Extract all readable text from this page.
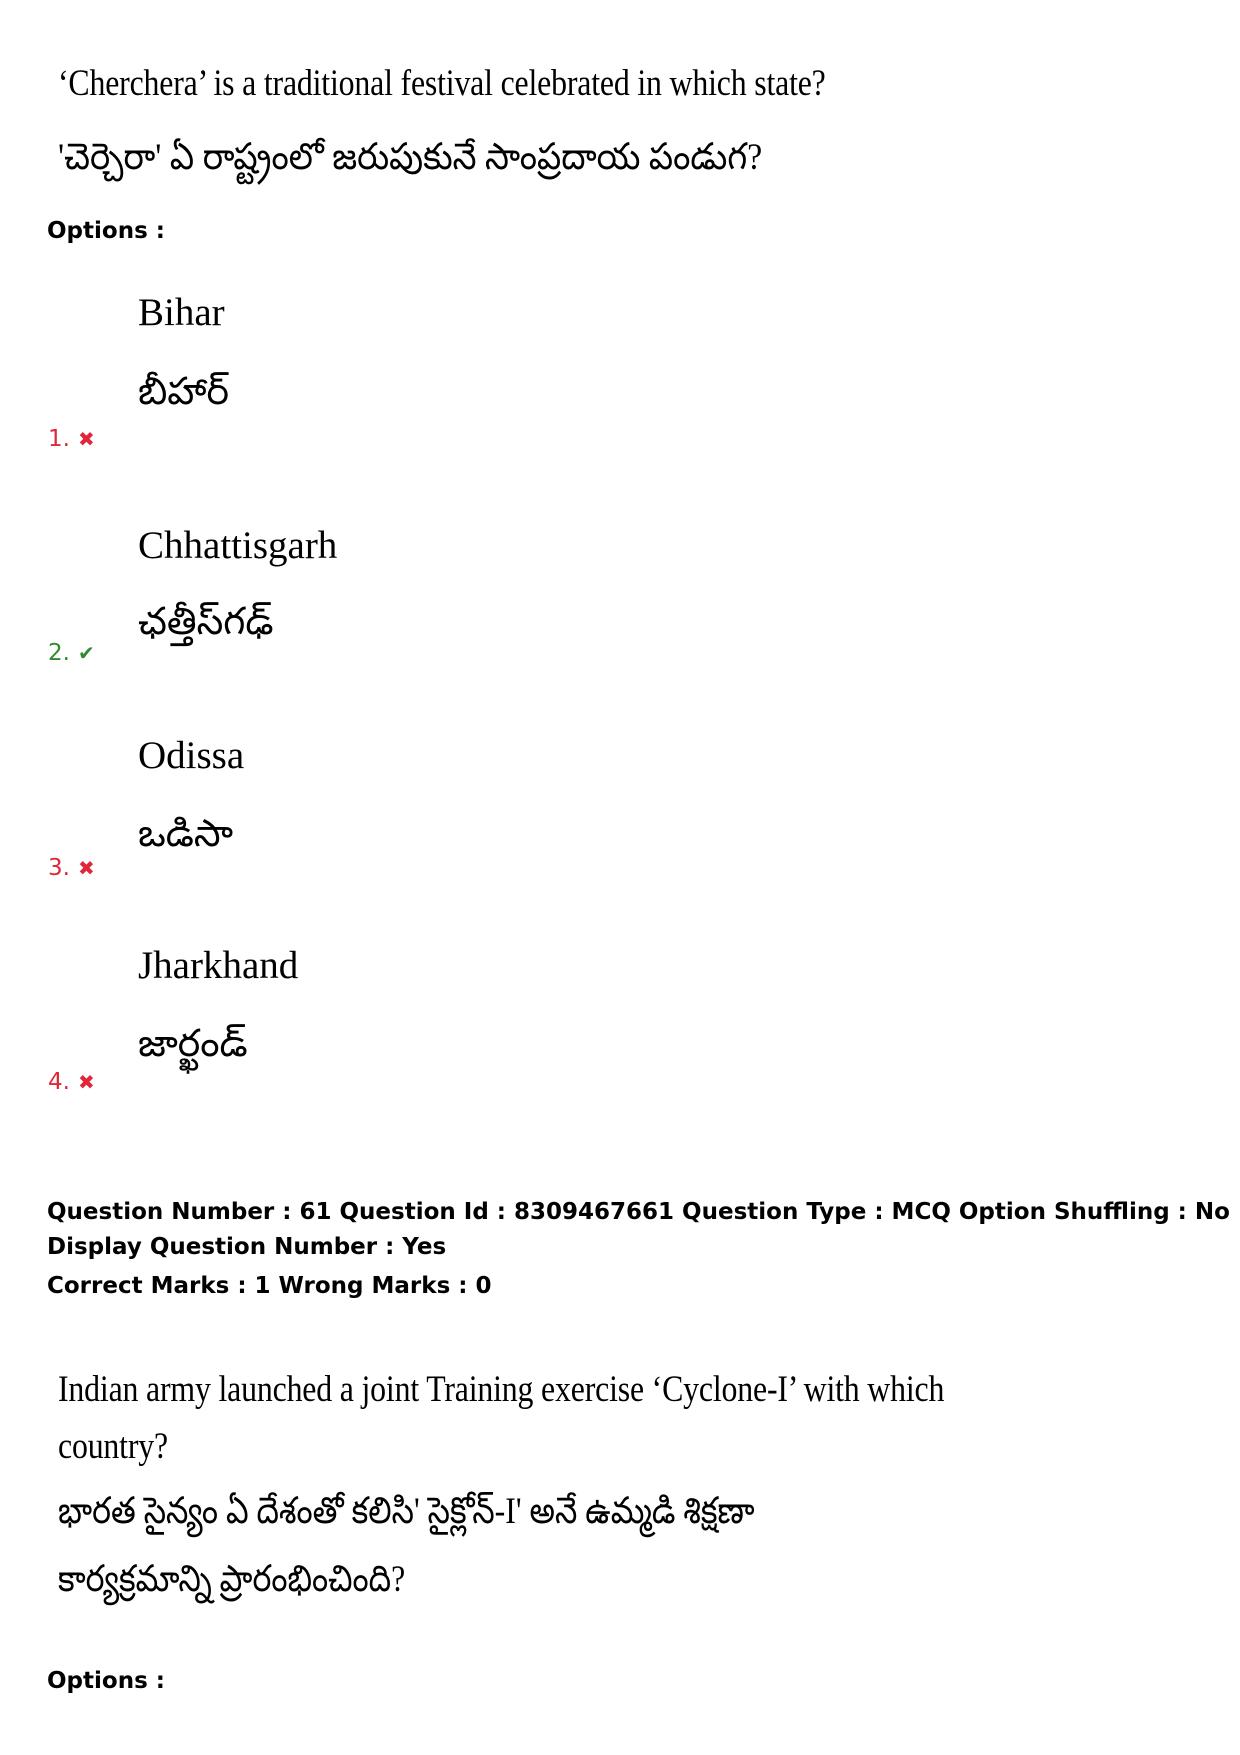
‘Cherchera’ is a traditional festival celebrated in which state?
'చెర్చెరా' ఏ రాష్ట్రంలో జరుపుకునే సాంప్రదాయ పండుగ?
Options :
Bihar
బీహార్
1. ✖
Chhattisgarh
ఛత్తీస్‌గఢ్
2. ✔
Odissa
ఒడిసా
3. ✖
Jharkhand
జార్ఖండ్
4. ✖
Question Number : 61 Question Id : 8309467661 Question Type : MCQ Option Shuffling : No
Display Question Number : Yes
Correct Marks : 1 Wrong Marks : 0
Indian army launched a joint Training exercise ‘Cyclone-I’ with which
country?
భారత సైన్యం ఏ దేశంతో కలిసి' సైక్లోన్-I' అనే ఉమ్మడి శిక్షణా
కార్యక్రమాన్ని ప్రారంభించింది?
Options :
